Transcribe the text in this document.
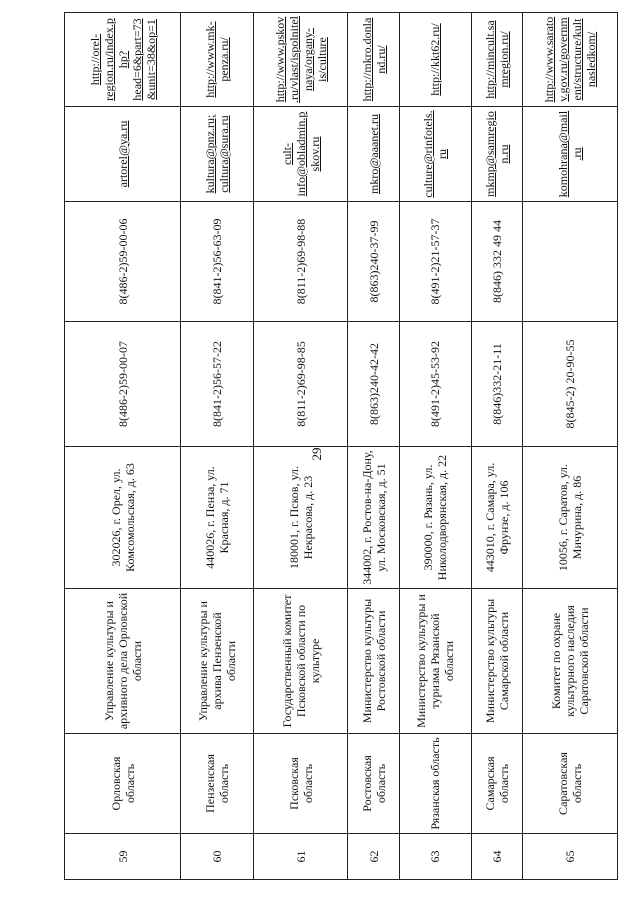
29
59	Орловская область	Управление культуры и архивного дела Орловской области	302026, г. Орел, ул. Комсомольская, д. 63	8(486-2)59-00-07	8(486-2)59-00-06	artorel@ya.ru	http://orel-region.ru/index.php?head=6&part=73&unit=38&op=1
60	Пензенская область	Управление культуры и архива Пензенской области	440026, г. Пенза, ул. Красная, д. 71	8(841-2)56-57-22	8(841-2)56-63-09	kultura@pnz.ru; cultura@sura.ru	http://www.mk-penza.ru/
61	Псковская область	Государственный комитет Псковской области по культуре	180001, г. Псков, ул. Некрасова, д. 23	8(811-2)69-98-85	8(811-2)69-98-88	cult-info@obladmin.pskov.ru	http://www.pskov.ru/vlast/ispolnitelnaya/organy-is/culture
62	Ростовская область	Министерство культуры Ростовской области	344002, г. Ростов-на-Дону, ул. Московская, д. 51	8(863)240-42-42	8(863)240-37-99	mkro@aaanet.ru	http://mkro.donland.ru/
63	Рязанская область	Министерство культуры и туризма Рязанской области	390000, г. Рязань, ул. Николодворянская, д. 22	8(491-2)45-53-92	8(491-2)21-57-37	culture@rinfotels.ru	http://kkt62.ru/
64	Самарская область	Министерство культуры Самарской области	443010, г. Самара, ул. Фрунзе, д. 106	8(846)332-21-11	8(846) 332 49 44	mkmp@samregion.ru	http://mincult.samregion.ru/
65	Саратовская область	Комитет по охране культурного наследия Саратовской области	10056, г. Саратов, ул. Мичурина, д. 86	8(845-2) 20-90-55		komohrana@mail.ru	http://www.saratov.gov.ru/government/structure/kultnasledkom/
